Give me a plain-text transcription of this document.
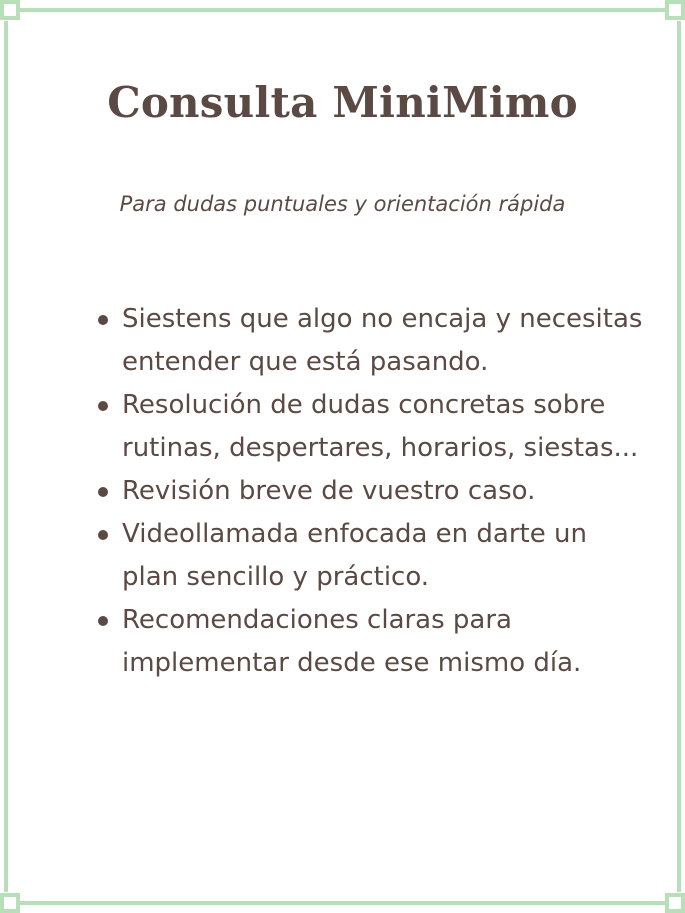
Consulta MiniMimo
Para dudas puntuales y orientación rápida
Siestens que algo no encaja y necesitas entender que está pasando.
Resolución de dudas concretas sobre rutinas, despertares, horarios, siestas...
Revisión breve de vuestro caso.
Videollamada enfocada en darte un plan sencillo y práctico.
Recomendaciones claras para implementar desde ese mismo día.
